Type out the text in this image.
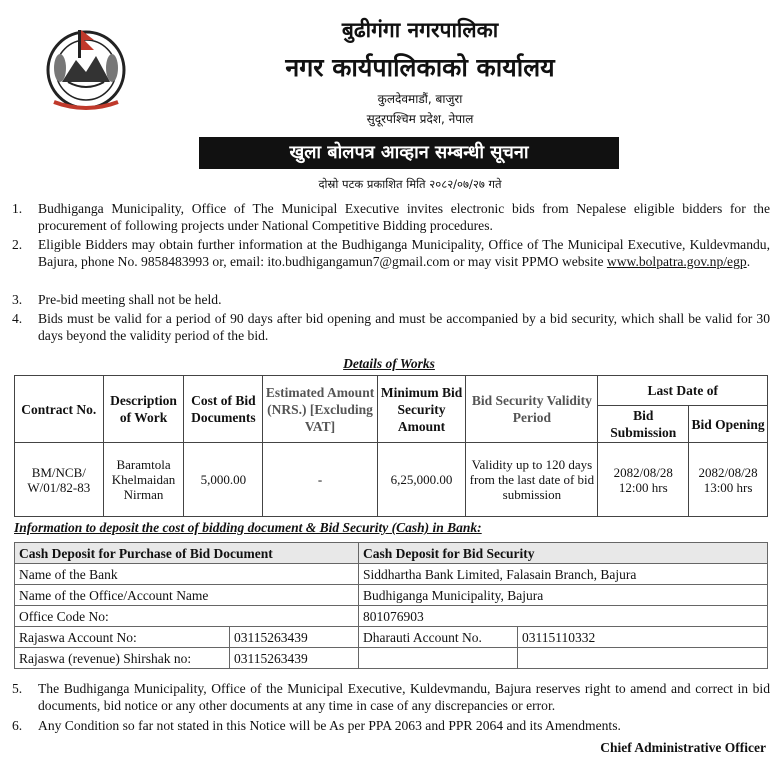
बुढीगंगा नगरपालिका
नगर कार्यपालिकाको कार्यालय
कुलदेवमाडौं, बाजुरा
सुदूरपश्चिम प्रदेश, नेपाल
खुला बोलपत्र आव्हान सम्बन्धी सूचना
दोस्रो पटक प्रकाशित मिति २०८२/०७/२७ गते
1. Budhiganga Municipality, Office of The Municipal Executive invites electronic bids from Nepalese eligible bidders for the procurement of following projects under National Competitive Bidding procedures.
2. Eligible Bidders may obtain further information at the Budhiganga Municipality, Office of The Municipal Executive, Kuldevmandu, Bajura, phone No. 9858483993 or, email: ito.budhigangamun7@gmail.com or may visit PPMO website www.bolpatra.gov.np/egp.
3. Pre-bid meeting shall not be held.
4. Bids must be valid for a period of 90 days after bid opening and must be accompanied by a bid security, which shall be valid for 30 days beyond the validity period of the bid.
Details of Works
Contract No.	Description of Work	Cost of Bid Documents	Estimated Amount (NRS.) [Excluding VAT]	Minimum Bid Security Amount	Bid Security Validity Period	Last Date of	
						Bid Submission	Bid Opening
BM/NCB/ W/01/82-83	Baramtola Khelmaidan Nirman	5,000.00	-	6,25,000.00	Validity up to 120 days from the last date of bid submission	2082/08/28 12:00 hrs	2082/08/28 13:00 hrs
Information to deposit the cost of bidding document & Bid Security (Cash) in Bank:
Cash Deposit for Purchase of Bid Document		Cash Deposit for Bid Security	
Name of the Bank		Siddhartha Bank Limited, Falasain Branch, Bajura	
Name of the Office/Account Name		Budhiganga Municipality, Bajura	
Office Code No:		801076903	
Rajaswa Account No:	03115263439	Dharauti Account No.	03115110332
Rajaswa (revenue) Shirshak no:	03115263439		
5. The Budhiganga Municipality, Office of the Municipal Executive, Kuldevmandu, Bajura reserves right to amend and correct in bid documents, bid notice or any other documents at any time in case of any discrepancies or error.
6. Any Condition so far not stated in this Notice will be As per PPA 2063 and PPR 2064 and its Amendments.
Chief Administrative Officer
